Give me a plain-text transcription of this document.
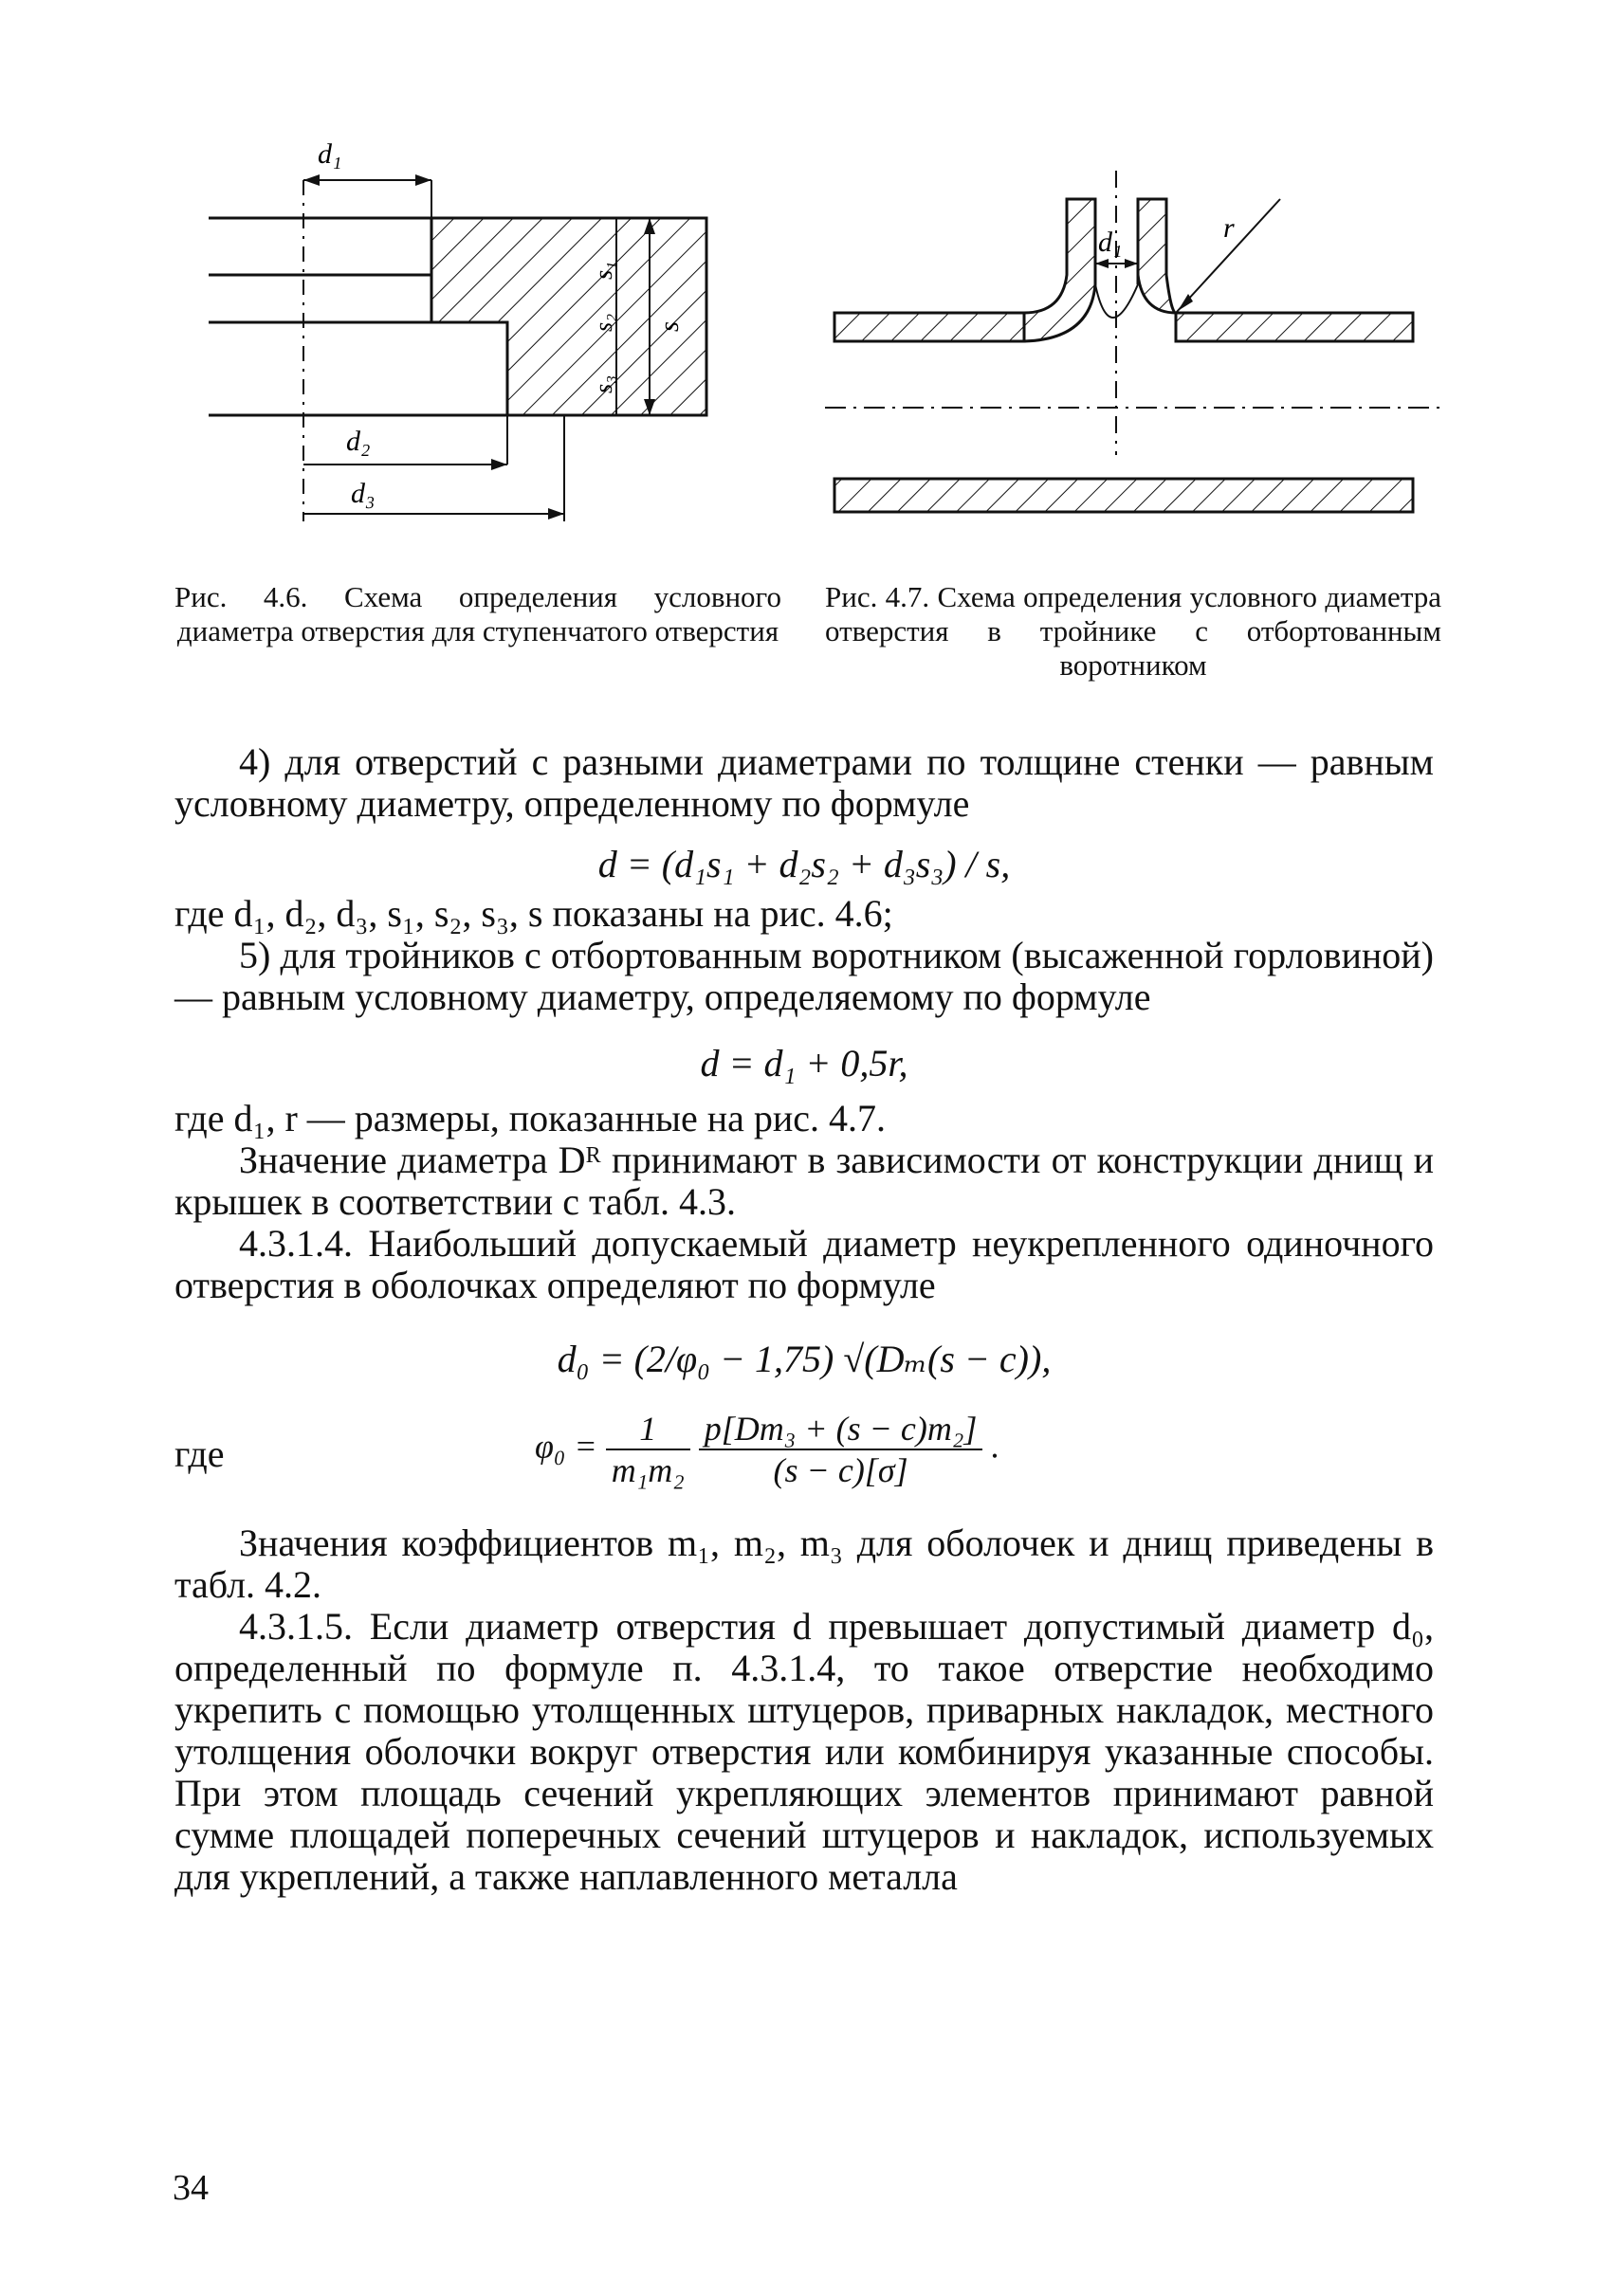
d₁
d₂
d₃
s₁
s₂
s₃
s
Рис. 4.6. Схема определения условного диаметра отверстия для ступенчатого отверстия
d₁	r
Рис. 4.7. Схема определения условного диаметра отверстия в тройнике с отбортованным воротником

4) для отверстий с разными диаметрами по толщине стенки — равным условному диаметру, определенному по формуле

d = (d₁s₁ + d₂s₂ + d₃s₃) / s,

где d₁, d₂, d₃, s₁, s₂, s₃, s показаны на рис. 4.6;

5) для тройников с отбортованным воротником (высаженной горловиной) — равным условному диаметру, определяемому по формуле

d = d₁ + 0,5r,

где d₁, r — размеры, показанные на рис. 4.7.

Значение диаметра Dᴿ принимают в зависимости от конструкции днищ и крышек в соответствии с табл. 4.3.

4.3.1.4. Наибольший допускаемый диаметр неукрепленного одиночного отверстия в оболочках определяют по формуле

d₀ = (2/φ₀ − 1,75) √(Dₘ(s − c)),

где	$\varphi_0 = \frac{1}{\text{m₁m₂}}$
$\frac{\text{p[Dm₃ + (s − c)m₂]}}{(s - c)[\sigma]}$ .

Значения коэффициентов m₁, m₂, m₃ для оболочек и днищ приведены в табл. 4.2.

4.3.1.5. Если диаметр отверстия d превышает допустимый диаметр d₀, определенный по формуле п. 4.3.1.4, то такое отверстие необходимо укрепить с помощью утолщенных штуцеров, приварных накладок, местного утолщения оболочки вокруг отверстия или комбинируя указанные способы. При этом площадь сечений укрепляющих элементов принимают равной сумме площадей поперечных сечений штуцеров и накладок, используемых для укреплений, а также наплавленного металла

34
